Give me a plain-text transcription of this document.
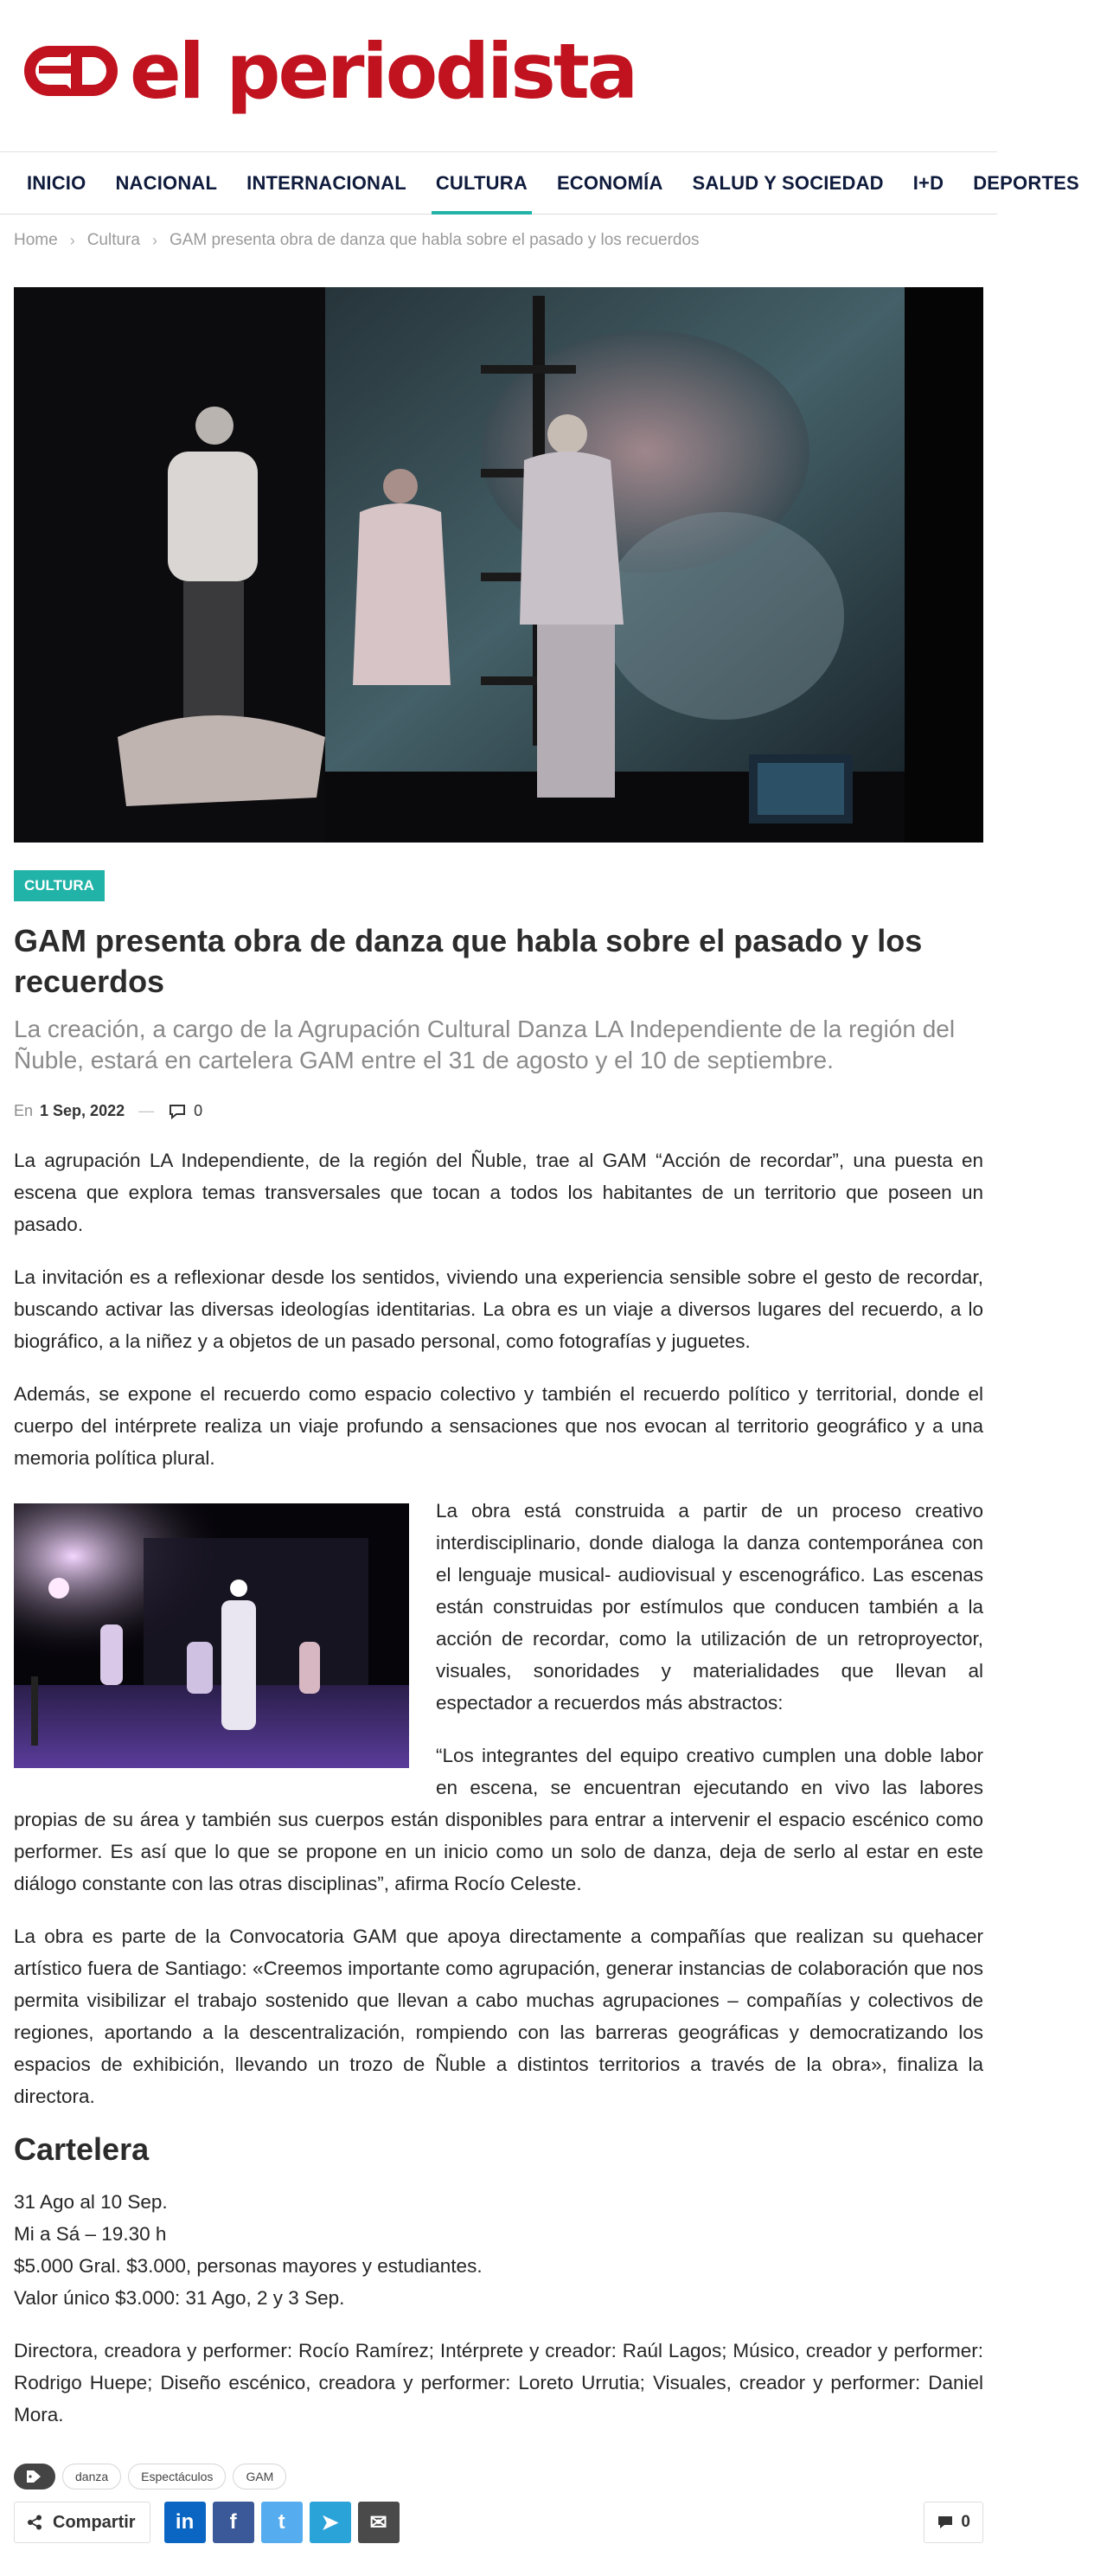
el periodista
INICIO	NACIONAL	INTERNACIONAL	CULTURA	ECONOMÍA	SALUD Y SOCIEDAD	I+D	DEPORTES
Home › Cultura › GAM presenta obra de danza que habla sobre el pasado y los recuerdos
CULTURA
GAM presenta obra de danza que habla sobre el pasado y los recuerdos

La creación, a cargo de la Agrupación Cultural Danza LA Independiente de la región del Ñuble, estará en cartelera GAM entre el 31 de agosto y el 10 de septiembre.

En 1 Sep, 2022 —	0

La agrupación LA Independiente, de la región del Ñuble, trae al GAM “Acción de recordar”, una puesta en escena que explora temas transversales que tocan a todos los habitantes de un territorio que poseen un pasado.

La invitación es a reflexionar desde los sentidos, viviendo una experiencia sensible sobre el gesto de recordar, buscando activar las diversas ideologías identitarias. La obra es un viaje a diversos lugares del recuerdo, a lo biográfico, a la niñez y a objetos de un pasado personal, como fotografías y juguetes.

Además, se expone el recuerdo como espacio colectivo y también el recuerdo político y territorial, donde el cuerpo del intérprete realiza un viaje profundo a sensaciones que nos evocan al territorio geográfico y a una memoria política plural.

La obra está construida a partir de un proceso creativo interdisciplinario, donde dialoga la danza contemporánea con el lenguaje musical- audiovisual y escenográfico. Las escenas están construidas por estímulos que conducen también a la acción de recordar, como la utilización de un retroproyector, visuales, sonoridades y materialidades que llevan al espectador a recuerdos más abstractos:

“Los integrantes del equipo creativo cumplen una doble labor en escena, se encuentran ejecutando en vivo las labores propias de su área y también sus cuerpos están disponibles para entrar a intervenir el espacio escénico como performer. Es así que lo que se propone en un inicio como un solo de danza, deja de serlo al estar en este diálogo constante con las otras disciplinas”, afirma Rocío Celeste.

La obra es parte de la Convocatoria GAM que apoya directamente a compañías que realizan su quehacer artístico fuera de Santiago: «Creemos importante como agrupación, generar instancias de colaboración que nos permita visibilizar el trabajo sostenido que llevan a cabo muchas agrupaciones – compañías y colectivos de regiones, aportando a la descentralización, rompiendo con las barreras geográficas y democratizando los espacios de exhibición, llevando un trozo de Ñuble a distintos territorios a través de la obra», finaliza la directora.

Cartelera

31 Ago al 10 Sep.

Mi a Sá – 19.30 h

$5.000 Gral. $3.000, personas mayores y estudiantes.

Valor único $3.000: 31 Ago, 2 y 3 Sep.

Directora, creadora y performer: Rocío Ramírez; Intérprete y creador: Raúl Lagos; Músico, creador y performer: Rodrigo Huepe; Diseño escénico, creadora y performer: Loreto Urrutia; Visuales, creador y performer: Daniel Mora.

danza	Espectáculos	GAM
Compartir in f t ➤ ✉	0
